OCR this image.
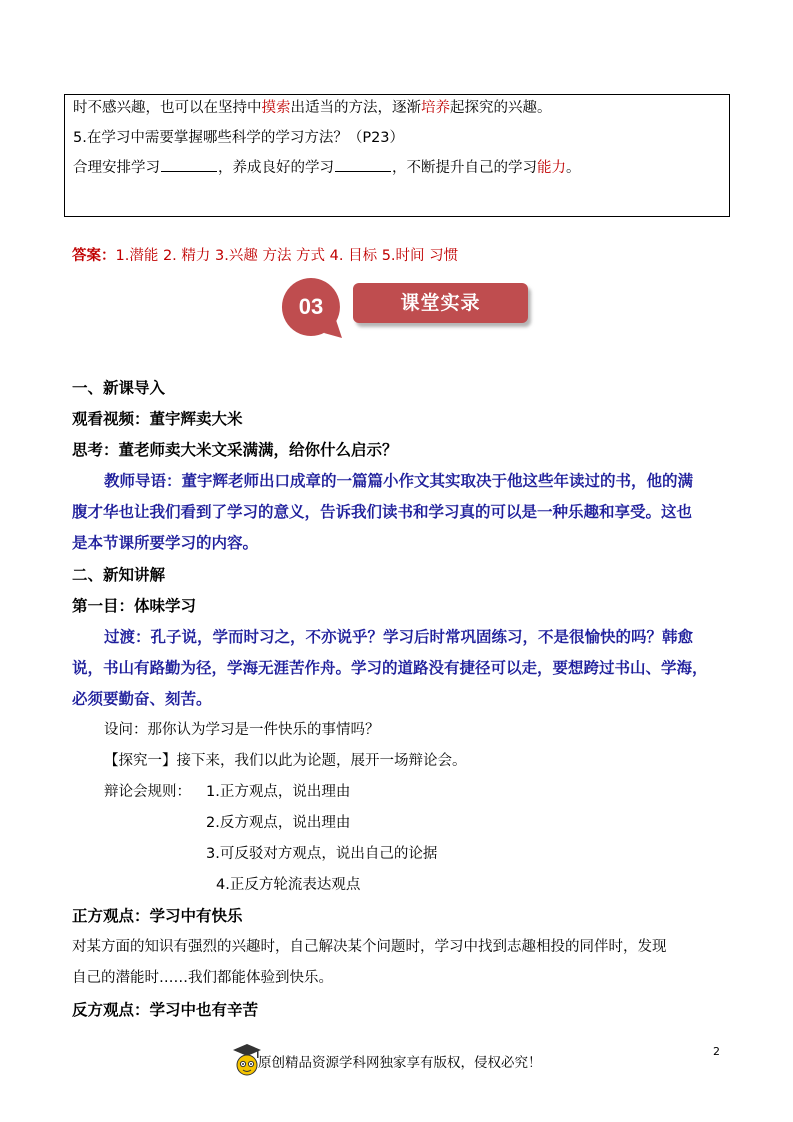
时不感兴趣，也可以在坚持中摸索出适当的方法，逐渐培养起探究的兴趣。
5.在学习中需要掌握哪些科学的学习方法？（P23）
合理安排学习	，养成良好的学习	，不断提升自己的学习能力。
答案：1.潜能 2. 精力 3.兴趣 方法 方式 4. 目标 5.时间 习惯
03	课堂实录
一、新课导入
观看视频：董宇辉卖大米
思考：董老师卖大米文采满满，给你什么启示？
教师导语：董宇辉老师出口成章的一篇篇小作文其实取决于他这些年读过的书，他的满
腹才华也让我们看到了学习的意义，告诉我们读书和学习真的可以是一种乐趣和享受。这也
是本节课所要学习的内容。
二、新知讲解
第一目：体味学习
过渡：孔子说，学而时习之，不亦说乎？学习后时常巩固练习，不是很愉快的吗？韩愈
说，书山有路勤为径，学海无涯苦作舟。学习的道路没有捷径可以走，要想跨过书山、学海，
必须要勤奋、刻苦。
设问：那你认为学习是一件快乐的事情吗？
【探究一】接下来，我们以此为论题，展开一场辩论会。
辩论会规则： 1.正方观点，说出理由
2.反方观点，说出理由
3.可反驳对方观点，说出自己的论据
4.正反方轮流表达观点
正方观点：学习中有快乐
对某方面的知识有强烈的兴趣时，自己解决某个问题时，学习中找到志趣相投的同伴时，发现
自己的潜能时……我们都能体验到快乐。
反方观点：学习中也有辛苦
2
原创精品资源学科网独家享有版权，侵权必究！
